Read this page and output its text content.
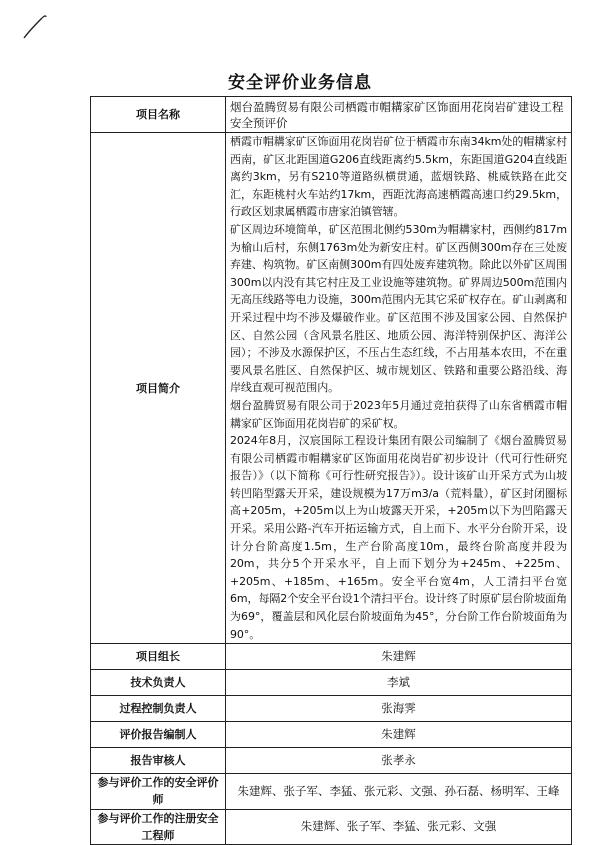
安全评价业务信息
项目名称	烟台盈腾贸易有限公司栖霞市帽耩家矿区饰面用花岗岩矿建设工程安全预评价
项目简介	栖霞市帽耩家矿区饰面用花岗岩矿位于栖霞市东南34km处的帽耩家村西南，矿区北距国道G206直线距离约5.5km，东距国道G204直线距离约3km，另有S210等道路纵横贯通，蓝烟铁路、桃威铁路在此交汇，东距桃村火车站约17km，西距沈海高速栖霞高速口约29.5km，行政区划隶属栖霞市唐家泊镇管辖。

矿区周边环境简单，矿区范围北侧约530m为帽耩家村，西侧约817m为榆山后村，东侧1763m处为新安庄村。矿区西侧300m存在三处废弃建、构筑物。矿区南侧300m有四处废弃建筑物。除此以外矿区周围300m以内没有其它村庄及工业设施等建筑物。矿界周边500m范围内无高压线路等电力设施，300m范围内无其它采矿权存在。矿山剥离和开采过程中均不涉及爆破作业。矿区范围不涉及国家公园、自然保护区、自然公园（含风景名胜区、地质公园、海洋特别保护区、海洋公园）；不涉及水源保护区，不压占生态红线，不占用基本农田，不在重要风景名胜区、自然保护区、城市规划区、铁路和重要公路沿线、海岸线直观可视范围内。

烟台盈腾贸易有限公司于2023年5月通过竞拍获得了山东省栖霞市帽耩家矿区饰面用花岗岩矿的采矿权。

2024年8月，汉宸国际工程设计集团有限公司编制了《烟台盈腾贸易有限公司栖霞市帽耩家矿区饰面用花岗岩矿初步设计（代可行性研究报告）》（以下简称《可行性研究报告》）。设计该矿山开采方式为山坡转凹陷型露天开采，建设规模为17万m3/a（荒料量），矿区封闭圈标高+205m，+205m以上为山坡露天开采，+205m以下为凹陷露天开采。采用公路-汽车开拓运输方式，自上而下、水平分台阶开采，设计分台阶高度1.5m，生产台阶高度10m，最终台阶高度并段为20m，共分5个开采水平，自上而下划分为+245m、+225m、+205m、+185m、+165m。安全平台宽4m，人工清扫平台宽6m，每隔2个安全平台设1个清扫平台。设计终了时原矿层台阶坡面角为69°，覆盖层和风化层台阶坡面角为45°，分台阶工作台阶坡面角为90°。

项目组长	朱建辉
技术负责人	李斌
过程控制负责人	张海霁
评价报告编制人	朱建辉
报告审核人	张孝永
参与评价工作的安全评价师	朱建辉、张子军、李猛、张元彩、文强、孙石磊、杨明军、王峰
参与评价工作的注册安全工程师	朱建辉、张子军、李猛、张元彩、文强
